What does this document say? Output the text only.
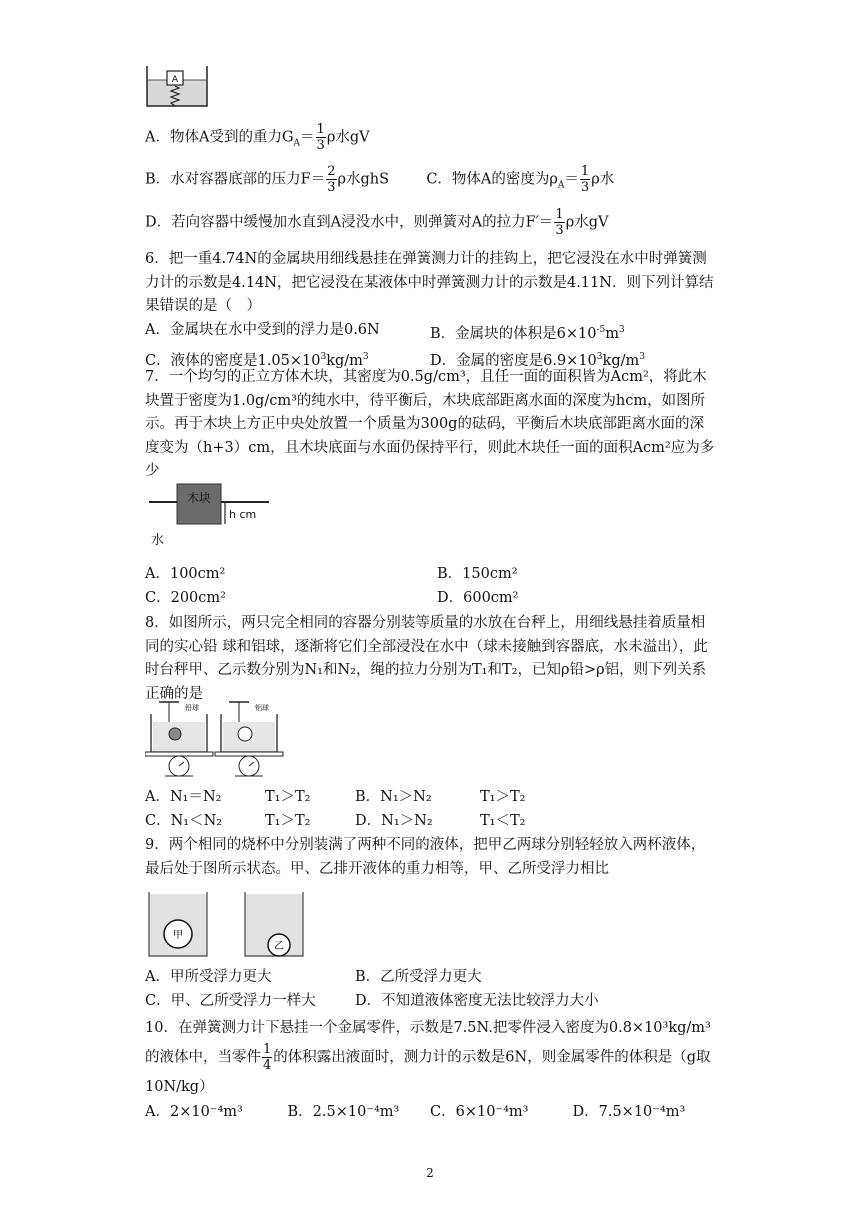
A
A．物体A受到的重力$G_A= \frac{1}{3}$ ρ水gV
B．水对容器底部的压力$F= \frac{2}{3}$ ρ水ghS	C．物体A的密度为$\rho_A= \frac{1}{3}$ ρ水
D．若向容器中缓慢加水直到A浸没水中，则弹簧对A的拉力$F'= \frac{1}{3}$ ρ水gV
6．把一重4.74N的金属块用细线悬挂在弹簧测力计的挂钩上，把它浸没在水中时弹簧测力计的示数是4.14N，把它浸没在某液体中时弹簧测力计的示数是4.11N．则下列计算结果错误的是（　）
A．金属块在水中受到的浮力是0.6N	B．金属块的体积是$6\times 10^{-5}m^3$
C．液体的密度是$1.05\times 10^3kg/m^3$	D．金属的密度是$6.9\times 10^3kg/m^3$
7．一个均匀的正立方体木块，其密度为0.5g/cm³，且任一面的面积皆为Acm²，将此木块置于密度为1.0g/cm³的纯水中，待平衡后，木块底部距离水面的深度为hcm，如图所示。再于木块上方正中央处放置一个质量为300g的砝码，平衡后木块底部距离水面的深度变为（h+3）cm，且木块底面与水面仍保持平行，则此木块任一面的面积Acm²应为多少
木块
h cm
水
A．100cm²	B．150cm²
C．200cm²	D．600cm²
8．如图所示，两只完全相同的容器分别装等质量的水放在台秤上，用细线悬挂着质量相同的实心铅 球和铝球，逐渐将它们全部浸没在水中（球未接触到容器底，水未溢出），此时台秤甲、乙示数分别为N₁和N₂，绳的拉力分别为T₁和T₂，已知ρ铅>ρ铝，则下列关系正确的是
铅球	铝球
A．N₁＝N₂	T₁＞T₂	B．N₁＞N₂	T₁＞T₂
C．N₁＜N₂	T₁＞T₂	D．N₁＞N₂	T₁＜T₂
9．两个相同的烧杯中分别装满了两种不同的液体，把甲乙两球分别轻轻放入两杯液体，最后处于图所示状态。甲、乙排开液体的重力相等，甲、乙所受浮力相比
甲
乙
A．甲所受浮力更大	B．乙所受浮力更大
C．甲、乙所受浮力一样大	D．不知道液体密度无法比较浮力大小
10．在弹簧测力计下悬挂一个金属零件，示数是7.5N.把零件浸入密度为0.8×10³kg/m³的液体中，当零件 $\frac{1}{4}$ 的体积露出液面时，测力计的示数是6N，则金属零件的体积是（g取10N/kg）
A．2×10⁻⁴m³	B．2.5×10⁻⁴m³	C．6×10⁻⁴m³	D．7.5×10⁻⁴m³
2
